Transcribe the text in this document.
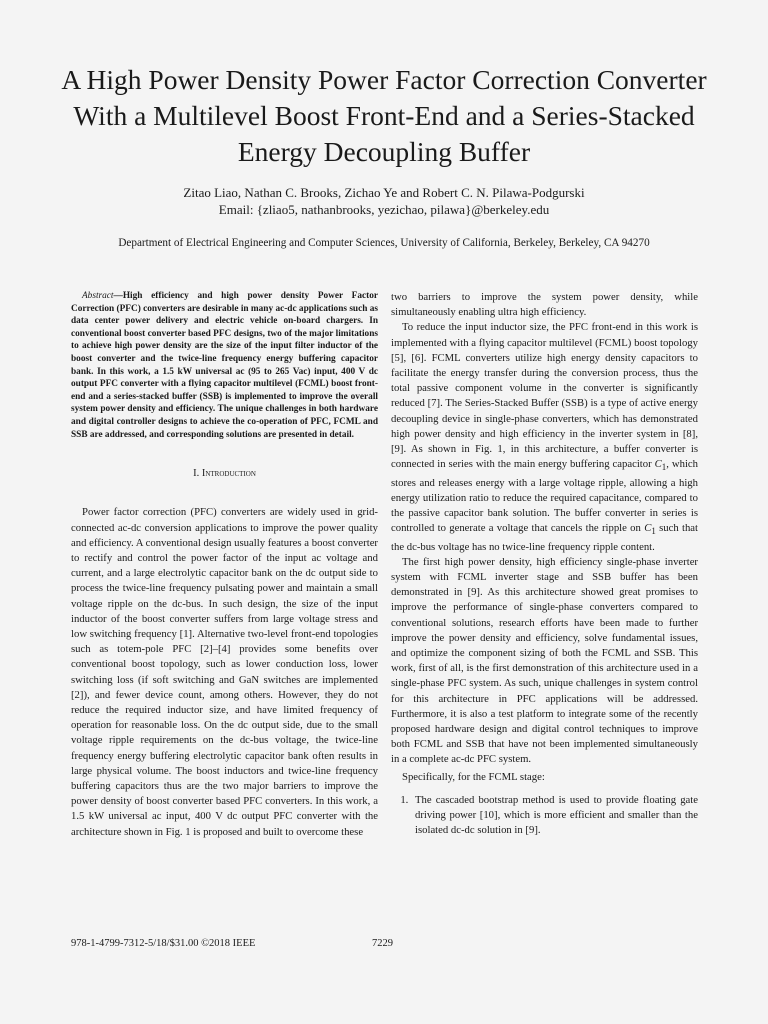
A High Power Density Power Factor Correction Converter With a Multilevel Boost Front-End and a Series-Stacked Energy Decoupling Buffer
Zitao Liao, Nathan C. Brooks, Zichao Ye and Robert C. N. Pilawa-Podgurski
Email: {zliao5, nathanbrooks, yezichao, pilawa}@berkeley.edu
Department of Electrical Engineering and Computer Sciences, University of California, Berkeley, Berkeley, CA 94270

Abstract—High efficiency and high power density Power Factor Correction (PFC) converters are desirable in many ac-dc applications such as data center power delivery and electric vehicle on-board chargers. In conventional boost converter based PFC designs, two of the major limitations to achieve high power density are the size of the input filter inductor of the boost converter and the twice-line frequency energy buffering capacitor bank. In this work, a 1.5 kW universal ac (95 to 265 Vac) input, 400 V dc output PFC converter with a flying capacitor multilevel (FCML) boost front-end and a series-stacked buffer (SSB) is implemented to improve the overall system power density and efficiency. The unique challenges in both hardware and digital controller designs to achieve the co-operation of PFC, FCML and SSB are addressed, and corresponding solutions are presented in detail.

I. Introduction

Power factor correction (PFC) converters are widely used in grid-connected ac-dc conversion applications to improve the power quality and efficiency. A conventional design usually features a boost converter to rectify and control the power factor of the input ac voltage and current, and a large electrolytic capacitor bank on the dc output side to process the twice-line frequency pulsating power and maintain a small voltage ripple on the dc-bus. In such design, the size of the input inductor of the boost converter suffers from large voltage stress and low switching frequency [1]. Alternative two-level front-end topologies such as totem-pole PFC [2]–[4] provides some benefits over conventional boost topology, such as lower conduction loss, lower switching loss (if soft switching and GaN switches are implemented [2]), and fewer device count, among others. However, they do not reduce the required inductor size, and have limited frequency of operation for reasonable loss. On the dc output side, due to the small voltage ripple requirements on the dc-bus voltage, the twice-line frequency energy buffering electrolytic capacitor bank often results in large physical volume. The boost inductors and twice-line frequency buffering capacitors thus are the two major barriers to improve the power density of boost converter based PFC converters. In this work, a 1.5 kW universal ac input, 400 V dc output PFC converter with the architecture shown in Fig. 1 is proposed and built to overcome these

two barriers to improve the system power density, while simultaneously enabling ultra high efficiency.

To reduce the input inductor size, the PFC front-end in this work is implemented with a flying capacitor multilevel (FCML) boost topology [5], [6]. FCML converters utilize high energy density capacitors to facilitate the energy transfer during the conversion process, thus the total passive component volume in the converter is significantly reduced [7]. The Series-Stacked Buffer (SSB) is a type of active energy decoupling device in single-phase converters, which has demonstrated high power density and high efficiency in the inverter system in [8], [9]. As shown in Fig. 1, in this architecture, a buffer converter is connected in series with the main energy buffering capacitor $C_1$, which stores and releases energy with a large voltage ripple, allowing a high energy utilization ratio to reduce the required capacitance, compared to the passive capacitor bank solution. The buffer converter in series is controlled to generate a voltage that cancels the ripple on $C_1$ such that the dc-bus voltage has no twice-line frequency ripple content.

The first high power density, high efficiency single-phase inverter system with FCML inverter stage and SSB buffer has been demonstrated in [9]. As this architecture showed great promises to improve the performance of single-phase converters compared to conventional solutions, research efforts have been made to further improve the power density and efficiency, solve fundamental issues, and optimize the component sizing of both the FCML and SSB. This work, first of all, is the first demonstration of this architecture used in a single-phase PFC system. As such, unique challenges in system control for this architecture in PFC applications will be addressed. Furthermore, it is also a test platform to integrate some of the recently proposed hardware design and digital control techniques to improve both FCML and SSB that have not been implemented simultaneously in a complete ac-dc PFC system.

Specifically, for the FCML stage:

1. The cascaded bootstrap method is used to provide floating gate driving power [10], which is more efficient and smaller than the isolated dc-dc solution in [9].
978-1-4799-7312-5/18/$31.00 ©2018 IEEE	7229
